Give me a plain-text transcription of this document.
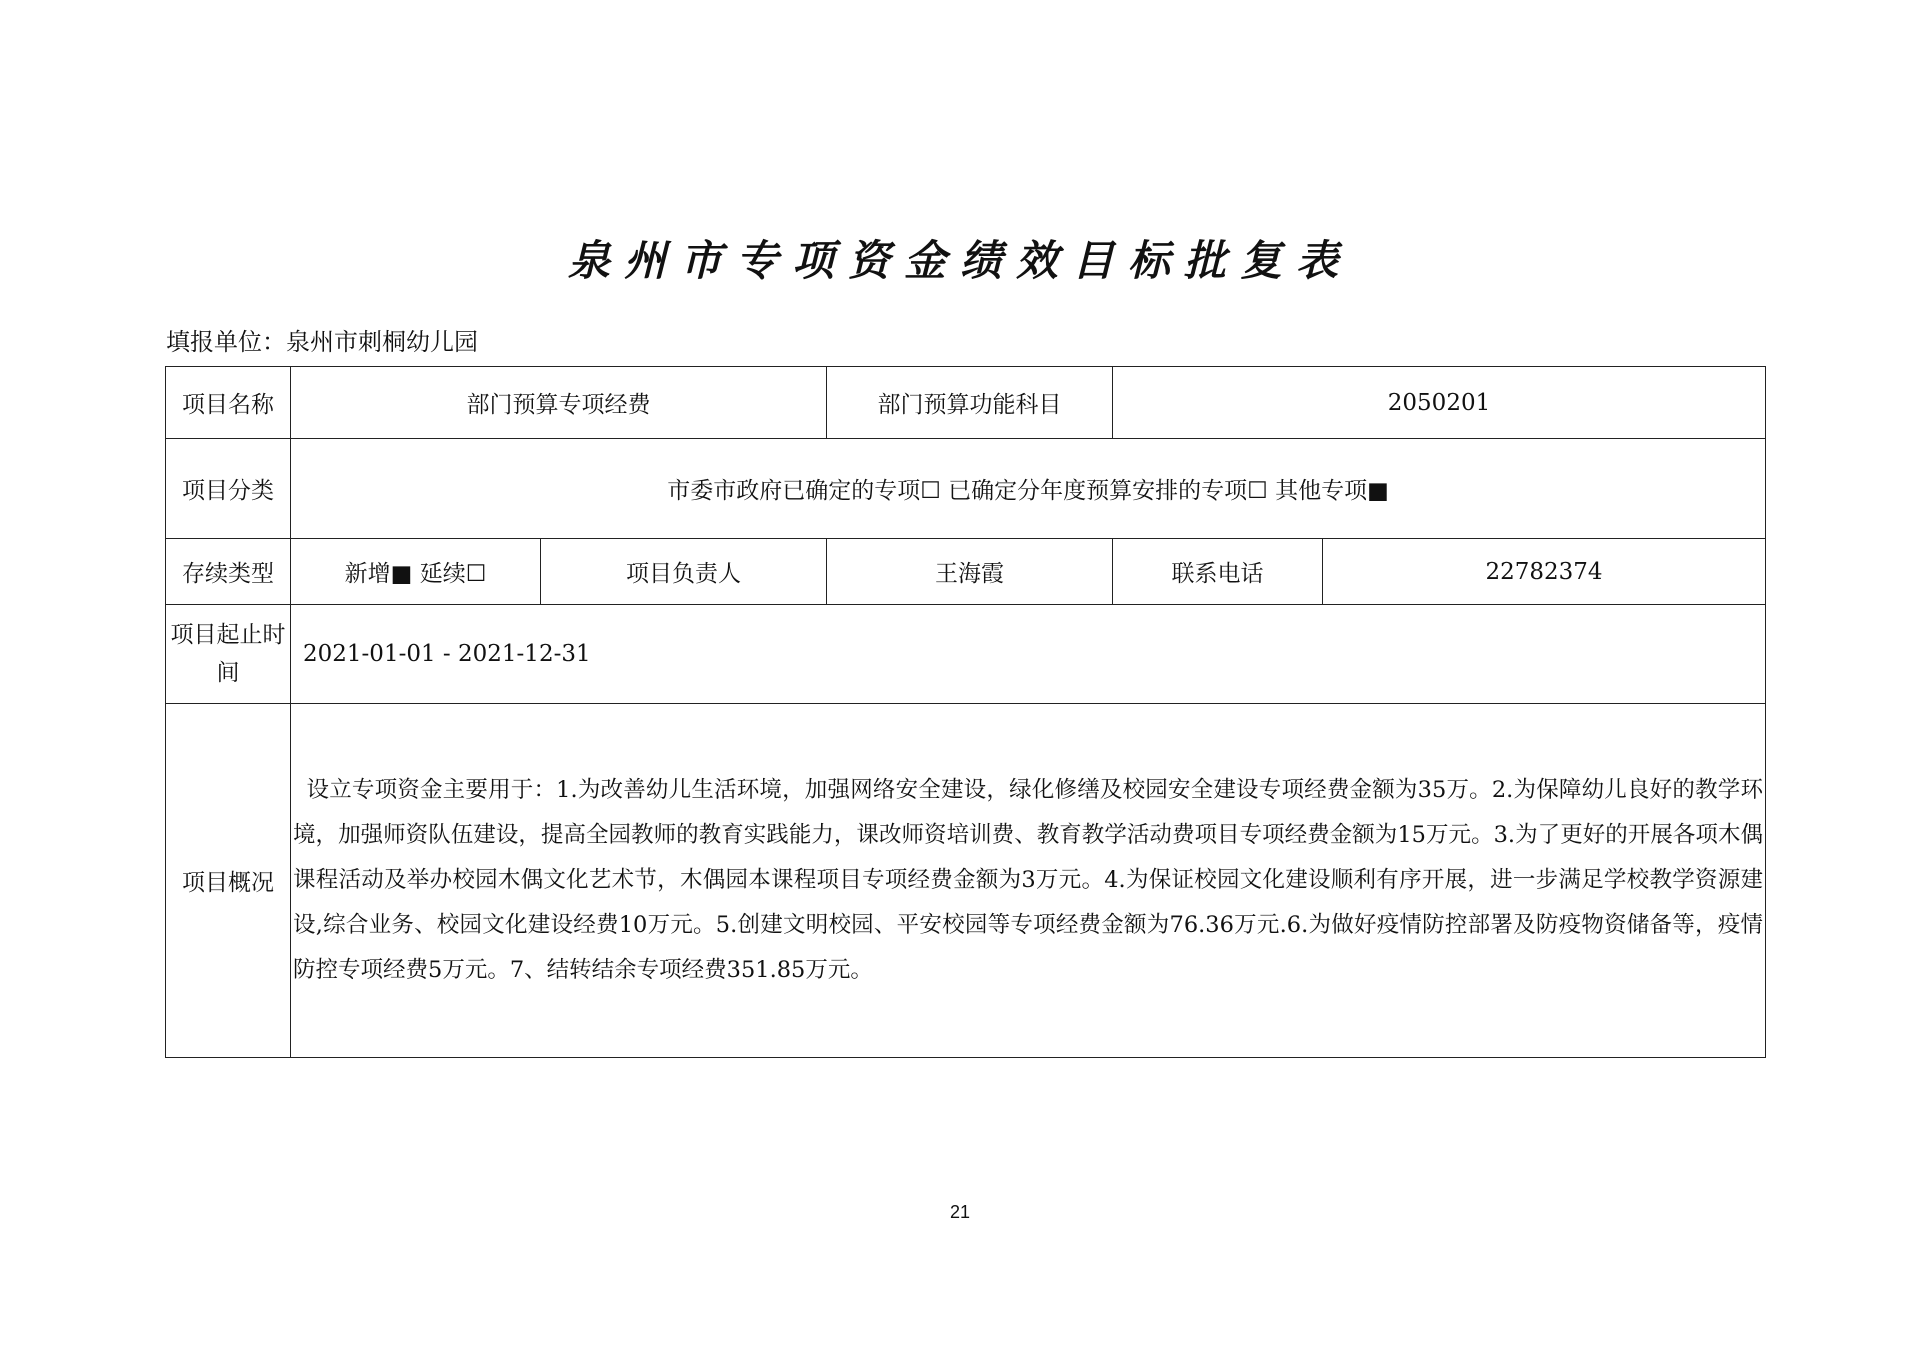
泉州市专项资金绩效目标批复表
填报单位：泉州市刺桐幼儿园
项目名称	部门预算专项经费		部门预算功能科目	2050201	
项目分类	市委市政府已确定的专项☐ 已确定分年度预算安排的专项☐ 其他专项■				
存续类型	新增■ 延续☐	项目负责人	王海霞	联系电话	22782374
项目起止时间	2021-01-01 - 2021-12-31				
项目概况	设立专项资金主要用于：1.为改善幼儿生活环境，加强网络安全建设，绿化修缮及校园安全建设专项经费金额为35万。2.为保障幼儿良好的教学环境，加强师资队伍建设，提高全园教师的教育实践能力，课改师资培训费、教育教学活动费项目专项经费金额为15万元。3.为了更好的开展各项木偶课程活动及举办校园木偶文化艺术节，木偶园本课程项目专项经费金额为3万元。4.为保证校园文化建设顺利有序开展，进一步满足学校教学资源建设,综合业务、校园文化建设经费10万元。5.创建文明校园、平安校园等专项经费金额为76.36万元.6.为做好疫情防控部署及防疫物资储备等，疫情防控专项经费5万元。7、结转结余专项经费351.85万元。				
21
